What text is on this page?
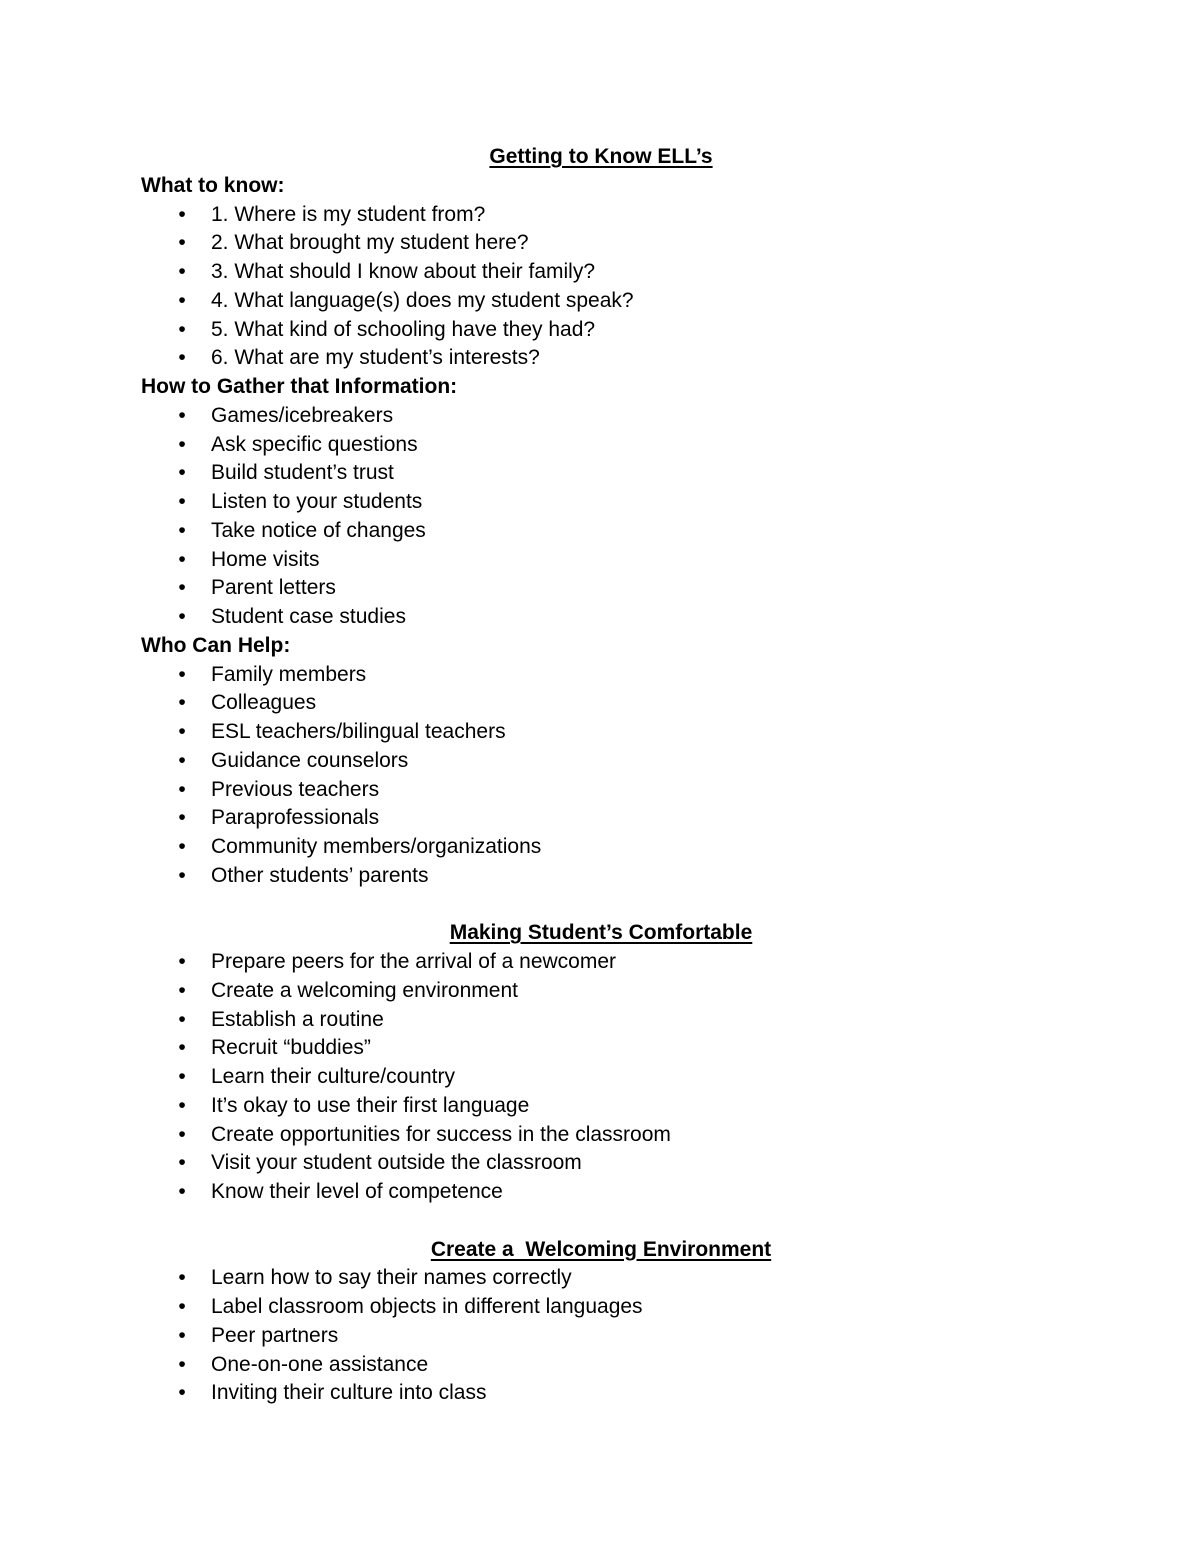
Getting to Know ELL’s
What to know:
• 1. Where is my student from?
• 2. What brought my student here?
• 3. What should I know about their family?
• 4. What language(s) does my student speak?
• 5. What kind of schooling have they had?
• 6. What are my student’s interests?
How to Gather that Information:
• Games/icebreakers
• Ask specific questions
• Build student’s trust
• Listen to your students
• Take notice of changes
• Home visits
• Parent letters
• Student case studies
Who Can Help:
• Family members
• Colleagues
• ESL teachers/bilingual teachers
• Guidance counselors
• Previous teachers
• Paraprofessionals
• Community members/organizations
• Other students’ parents
Making Student’s Comfortable
• Prepare peers for the arrival of a newcomer
• Create a welcoming environment
• Establish a routine
• Recruit “buddies”
• Learn their culture/country
• It’s okay to use their first language
• Create opportunities for success in the classroom
• Visit your student outside the classroom
• Know their level of competence
Create a  Welcoming Environment
• Learn how to say their names correctly
• Label classroom objects in different languages
• Peer partners
• One-on-one assistance
• Inviting their culture into class
